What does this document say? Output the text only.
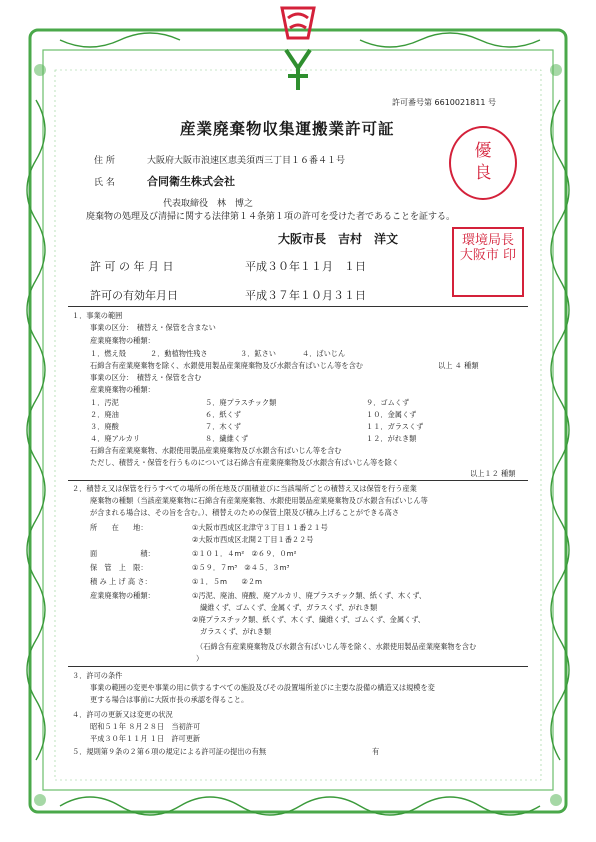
許可番号第 6610021811 号
産業廃棄物収集運搬業許可証
優良
住 所	大阪府大阪市浪速区恵美須西三丁目１６番４１号
氏 名	合同衛生株式会社
代表取締役　林　博之
廃棄物の処理及び清掃に関する法律第１４条第１項の許可を受けた者であることを証する。
大阪市長　吉村　洋文	環境局長 大阪市 印
許 可 の 年 月 日	平成３０年１１月　１日
許可の有効年月日	平成３７年１０月３１日
１．事業の範囲
事業の区分：　積替え・保管を含まない
産業廃棄物の種類：
１．燃え殻	２．動植物性残さ	３．鉱さい	４．ばいじん
石綿含有産業廃棄物を除く、水銀使用製品産業廃棄物及び水銀含有ばいじん等を含む	以上 ４ 種類
事業の区分：　積替え・保管を含む
産業廃棄物の種類：
１．汚泥	５．廃プラスチック類	９．ゴムくず
２．廃油	６．紙くず	１０．金属くず
３．廃酸	７．木くず	１１．ガラスくず
４．廃アルカリ	８．繊維くず	１２．がれき類
石綿含有産業廃棄物、水銀使用製品産業廃棄物及び水銀含有ばいじん等を含む
ただし、積替え・保管を行うものについては石綿含有産業廃棄物及び水銀含有ばいじん等を除く
以上１２ 種類
２．積替え又は保管を行うすべての場所の所在地及び面積並びに当該場所ごとの積替え又は保管を行う産業
廃棄物の種類（当該産業廃棄物に石綿含有産業廃棄物、水銀使用製品産業廃棄物及び水銀含有ばいじん等
が含まれる場合は、その旨を含む。）、積替えのための保管上限及び積み上げることができる高さ
所　　在　　地：	①大阪市西成区北津守３丁目１１番２１号
②大阪市西成区北開２丁目１番２２号
面　　　　　　積：	①１０１．４m²　②６９．０m²
保　管　上　限：	①５９．７m³　②４５．３m³
積 み 上 げ 高 さ：	①１．５m　　②２m
産業廃棄物の種類：	①汚泥、廃油、廃酸、廃アルカリ、廃プラスチック類、紙くず、木くず、
繊維くず、ゴムくず、金属くず、ガラスくず、がれき類
②廃プラスチック類、紙くず、木くず、繊維くず、ゴムくず、金属くず、
ガラスくず、がれき類
（石綿含有産業廃棄物及び水銀含有ばいじん等を除く、水銀使用製品産業廃棄物を含む
）
３．許可の条件
事業の範囲の変更や事業の用に供するすべての施設及びその設置場所並びに主要な設備の構造又は規模を変
更する場合は事前に大阪市長の承認を得ること。
４．許可の更新又は変更の状況
昭和５１年 ８月２８日　当初許可
平成３０年１１月 １日　許可更新
５．規則第９条の２第６項の規定による許可証の提出の有無	有
